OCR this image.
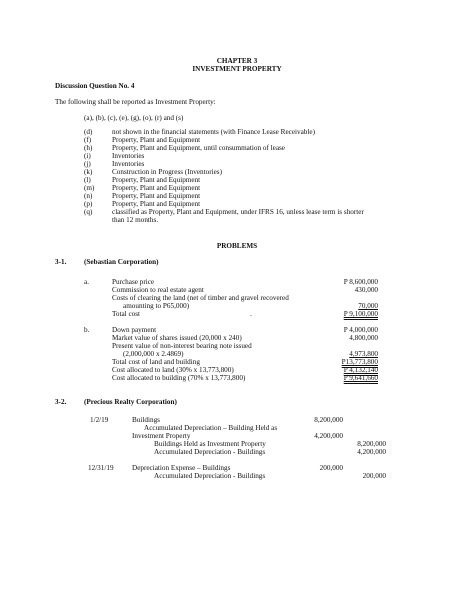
CHAPTER 3
INVESTMENT PROPERTY
Discussion Question No. 4
The following shall be reported as Investment Property:
(a), (b), (c), (e), (g), (o), (r) and (s)
(d)	not shown in the financial statements (with Finance Lease Receivable)
(f)	Property, Plant and Equipment
(h)	Property, Plant and Equipment, until consummation of lease
(i)	Inventories
(j)	Inventories
(k)	Construction in Progress (Inventories)
(l)	Property, Plant and Equipment
(m) Property, Plant and Equipment
(n)	Property, Plant and Equipment
(p)	Property, Plant and Equipment
(q)	classified as Property, Plant and Equipment, under IFRS 16, unless lease term is shorter
than 12 months.
PROBLEMS
3-1. (Sebastian Corporation)
a.	Purchase price	P 8,600,000
Commission to real estate agent	430,000
Costs of clearing the land (net of timber and gravel recovered
amounting to P65,000)	70,000
Total cost	.	P 9,100,000
b.	Down payment	P 4,000,000
Market value of shares issued (20,000 x 240)	4,800,000
Present value of non-interest bearing note issued
(2,000,000 x 2.4869)	4,973,800
Total cost of land and building	P13,773,800
Cost allocated to land (30% x 13,773,800)	P 4,132,140
Cost allocated to building (70% x 13,773,800)	P 9,641,660
3-2. (Precious Realty Corporation)
1/2/19	Buildings	8,200,000
Accumulated Depreciation – Building Held as
Investment Property	4,200,000
Buildings Held as Investment Property	8,200,000
Accumulated Depreciation - Buildings	4,200,000
12/31/19	Depreciation Expense – Buildings	200,000
Accumulated Depreciation - Buildings	200,000
